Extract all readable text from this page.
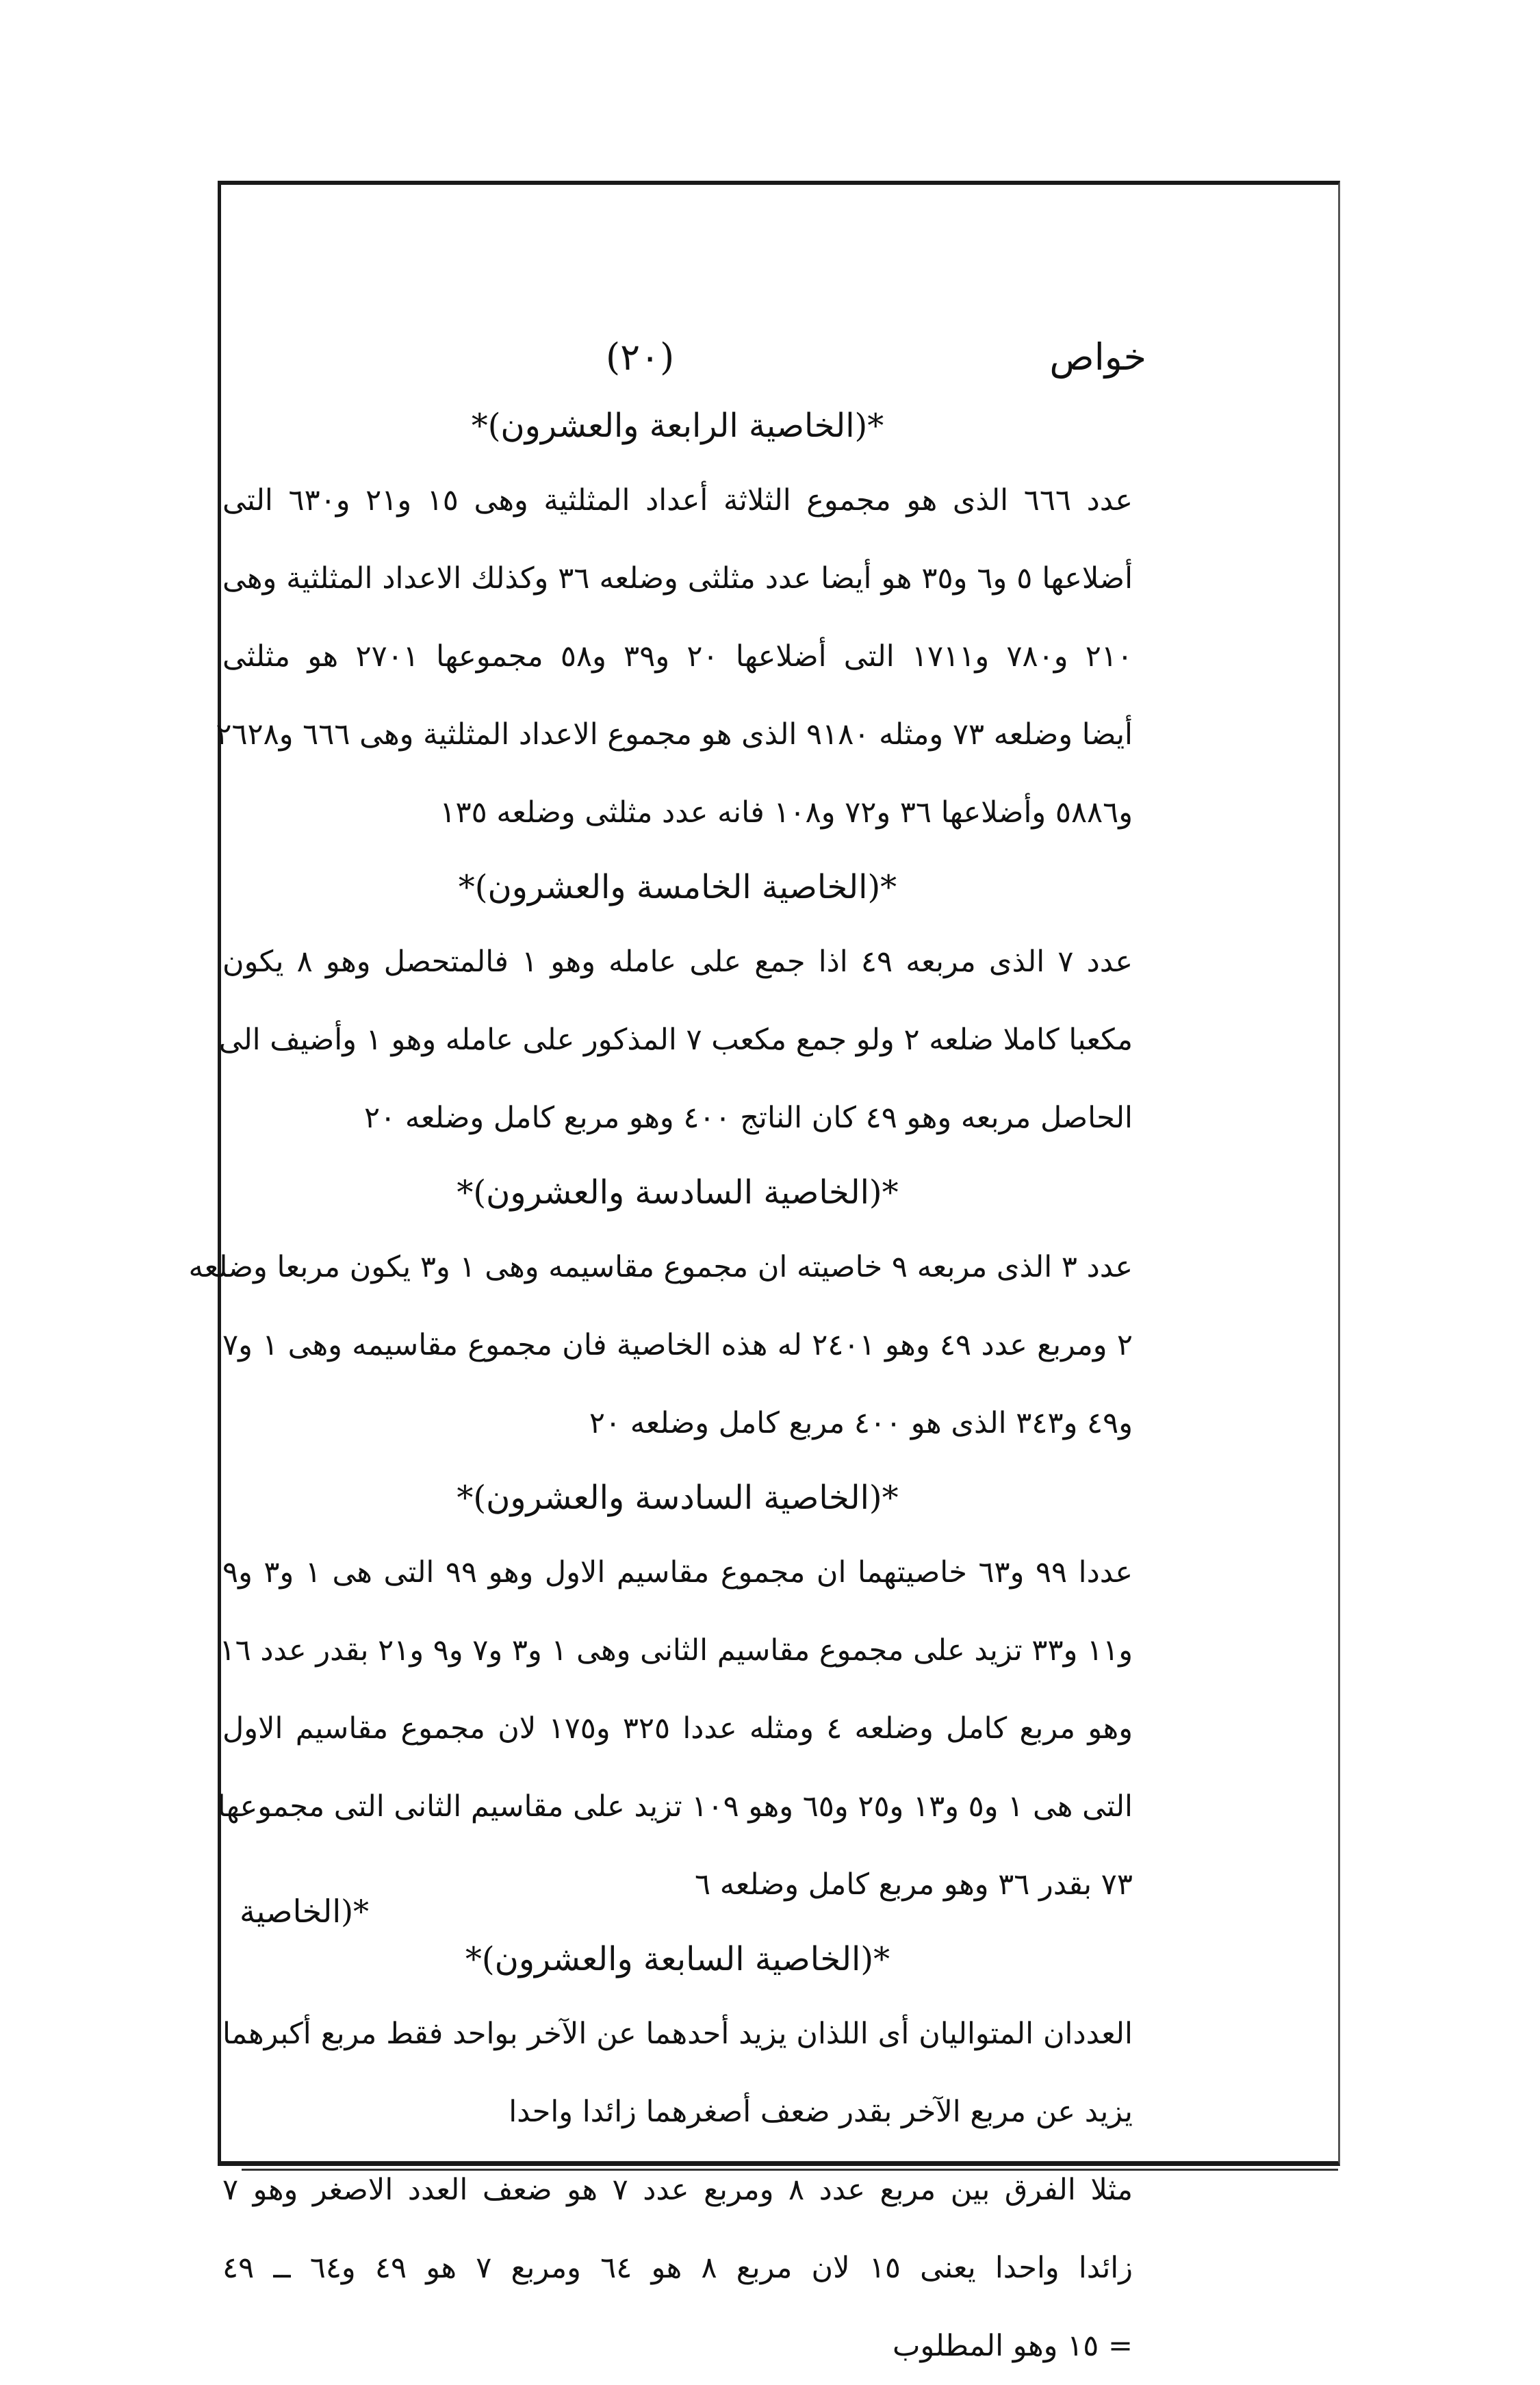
خواص
(٢٠)
*(الخاصية الرابعة والعشرون)*
عدد ٦٦٦ الذى هو مجموع الثلاثة أعداد المثلثية وهى ١٥ و٢١ و٦٣٠ التى
أضلاعها ٥ و٦ و٣٥ هو أيضا عدد مثلثى وضلعه ٣٦ وكذلك الاعداد المثلثية وهى
٢١٠ و٧٨٠ و١٧١١ التى أضلاعها ٢٠ و٣٩ و٥٨ مجموعها ٢٧٠١ هو مثلثى
أيضا وضلعه ٧٣ ومثله ٩١٨٠ الذى هو مجموع الاعداد المثلثية وهى ٦٦٦ و٢٦٢٨
و٥٨٨٦ وأضلاعها ٣٦ و٧٢ و١٠٨ فانه عدد مثلثى وضلعه ١٣٥
*(الخاصية الخامسة والعشرون)*
عدد ٧ الذى مربعه ٤٩ اذا جمع على عامله وهو ١ فالمتحصل وهو ٨ يكون
مكعبا كاملا ضلعه ٢ ولو جمع مكعب ٧ المذكور على عامله وهو ١ وأضيف الى
الحاصل مربعه وهو ٤٩ كان الناتج ٤٠٠ وهو مربع كامل وضلعه ٢٠
*(الخاصية السادسة والعشرون)*
عدد ٣ الذى مربعه ٩ خاصيته ان مجموع مقاسيمه وهى ١ و٣ يكون مربعا وضلعه
٢ ومربع عدد ٤٩ وهو ٢٤٠١ له هذه الخاصية فان مجموع مقاسيمه وهى ١ و٧
و٤٩ و٣٤٣ الذى هو ٤٠٠ مربع كامل وضلعه ٢٠
*(الخاصية السادسة والعشرون)*
عددا ٩٩ و٦٣ خاصيتهما ان مجموع مقاسيم الاول وهو ٩٩ التى هى ١ و٣ و٩
و١١ و٣٣ تزيد على مجموع مقاسيم الثانى وهى ١ و٣ و٧ و٩ و٢١ بقدر عدد ١٦
وهو مربع كامل وضلعه ٤ ومثله عددا ٣٢٥ و١٧٥ لان مجموع مقاسيم الاول
التى هى ١ و٥ و١٣ و٢٥ و٦٥ وهو ١٠٩ تزيد على مقاسيم الثانى التى مجموعها
٧٣ بقدر ٣٦ وهو مربع كامل وضلعه ٦
*(الخاصية السابعة والعشرون)*
العددان المتواليان أى اللذان يزيد أحدهما عن الآخر بواحد فقط مربع أكبرهما
يزيد عن مربع الآخر بقدر ضعف أصغرهما زائدا واحدا
مثلا الفرق بين مربع عدد ٨ ومربع عدد ٧ هو ضعف العدد الاصغر وهو ٧
زائدا واحدا يعنى ١٥ لان مربع ٨ هو ٦٤ ومربع ٧ هو ٤٩ و٦٤ ــ ٤٩
= ١٥ وهو المطلوب
*(الخاصية
